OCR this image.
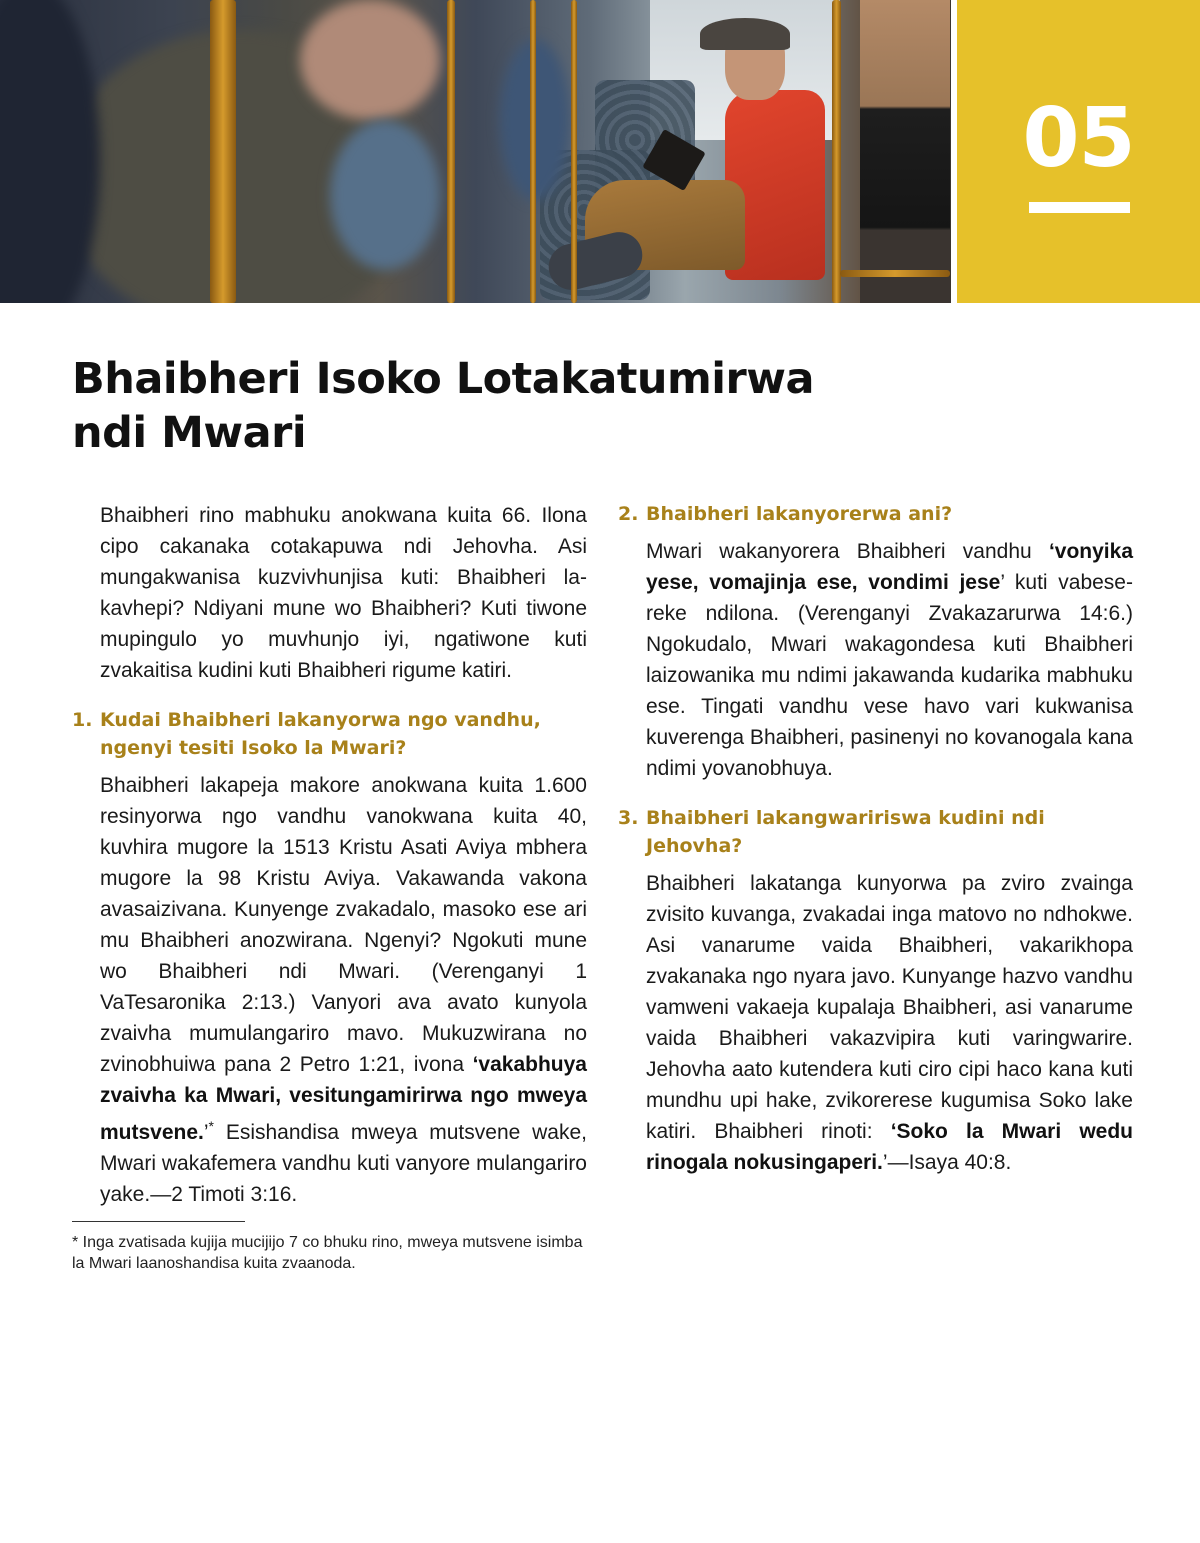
05
Bhaibheri Isoko Lotakatumirwa
ndi Mwari

Bhaibheri rino mabhuku anokwana kuita 66. Ilona cipo cakanaka cotakapuwa ndi Jehovha. Asi mungakwanisa kuzvivhunjisa kuti: Bhaibheri lakavhepi? Ndiyani mune wo Bhaibheri? Kuti tiwone mupingulo yo muvhunjo iyi, ngatiwone kuti zvakaitisa kudini kuti Bhaibheri rigume katiri.

1. Kudai Bhaibheri lakanyorwa ngo vandhu, ngenyi tesiti Isoko la Mwari?

Bhaibheri lakapeja makore anokwana kuita 1.600 resinyorwa ngo vandhu vanokwana kuita 40, kuvhira mugore la 1513 Kristu Asati Aviya mbhera mugore la 98 Kristu Aviya. Vakawanda vakona avasaizivana. Kunyenge zvakadalo, masoko ese ari mu Bhaibheri anozwirana. Ngenyi? Ngokuti mune wo Bhaibheri ndi Mwari. (Verenganyi 1 VaTesaronika 2:13.) Vanyori ava avato kunyola zvaivha mumulangariro mavo. Mukuzwirana no zvinobhuiwa pana 2 Petro 1:21, ivona ‘vakabhuya zvaivha ka Mwari, vesitungamirirwa ngo mweya mutsvene.’* Esishandisa mweya mutsvene wake, Mwari wakafemera vandhu kuti vanyore mulangariro yake.—2 Timoti 3:16.

* Inga zvatisada kujija mucijijo 7 co bhuku rino, mweya mutsvene isimba la Mwari laanoshandisa kuita zvaanoda.

2. Bhaibheri lakanyorerwa ani?

Mwari wakanyorera Bhaibheri vandhu ‘vonyika yese, vomajinja ese, vondimi jese’ kuti vabesereke ndilona. (Verenganyi Zvakazarurwa 14:6.) Ngokudalo, Mwari wakagondesa kuti Bhaibheri laizowanika mu ndimi jakawanda kudarika mabhuku ese. Tingati vandhu vese havo vari kukwanisa kuverenga Bhaibheri, pasinenyi no kovanogala kana ndimi yovanobhuya.

3. Bhaibheri lakangwaririswa kudini ndi Jehovha?

Bhaibheri lakatanga kunyorwa pa zviro zvainga zvisito kuvanga, zvakadai inga matovo no ndhokwe. Asi vanarume vaida Bhaibheri, vakarikhopa zvakanaka ngo nyara javo. Kunyange hazvo vandhu vamweni vakaeja kupalaja Bhaibheri, asi vanarume vaida Bhaibheri vakazvipira kuti varingwarire. Jehovha aato kutendera kuti ciro cipi haco kana kuti mundhu upi hake, zvikorerese kugumisa Soko lake katiri. Bhaibheri rinoti: ‘Soko la Mwari wedu rinogala nokusingaperi.’—Isaya 40:8.
